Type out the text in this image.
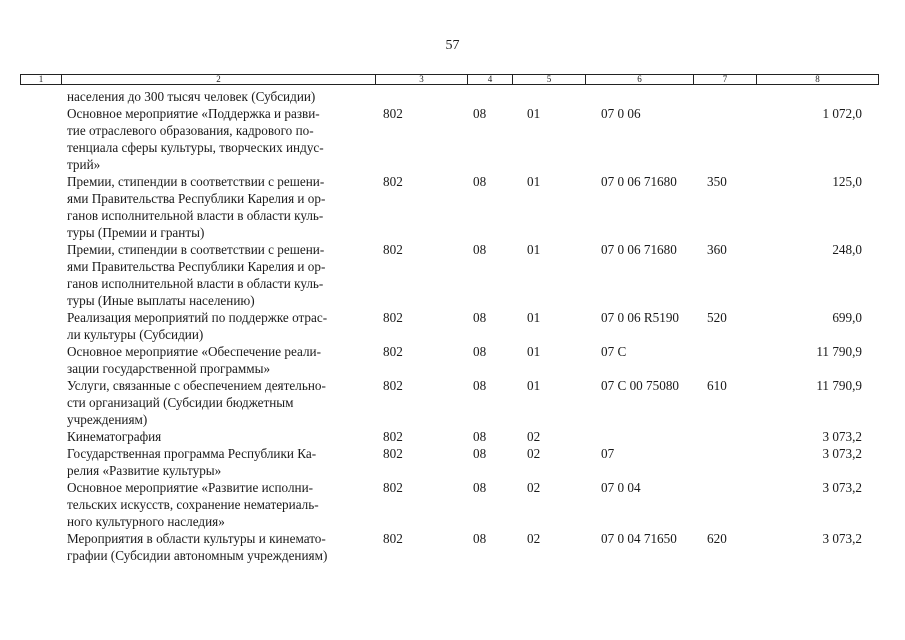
57
1	2	3	4	5	6	7	8
населения до 300 тысяч человек (Субсидии)
Основное мероприятие «Поддержка и разви-
тие отраслевого образования, кадрового по-
тенциала сферы культуры, творческих индус-
трий»
802	08	01	07 0 06	1 072,0
Премии, стипендии в соответствии с решени-
ями Правительства Республики Карелия и ор-
ганов исполнительной власти в области куль-
туры (Премии и гранты)
802	08	01	07 0 06 71680 350	125,0
Премии, стипендии в соответствии с решени-
ями Правительства Республики Карелия и ор-
ганов исполнительной власти в области куль-
туры (Иные выплаты населению)
802	08	01	07 0 06 71680 360	248,0
Реализация мероприятий по поддержке отрас-
ли культуры (Субсидии)
802	08	01	07 0 06 R5190 520	699,0
Основное мероприятие «Обеспечение реали-
зации государственной программы»
802	08	01	07 С	11 790,9
Услуги, связанные с обеспечением деятельно-
сти организаций (Субсидии бюджетным
учреждениям)
802	08	01	07 С 00 75080 610	11 790,9
Кинематография	802	08	02	3 073,2
Государственная программа Республики Ка-
релия «Развитие культуры»
802	08	02	07	3 073,2
Основное мероприятие «Развитие исполни-
тельских искусств, сохранение нематериаль-
ного культурного наследия»
802	08	02	07 0 04	3 073,2
Мероприятия в области культуры и кинемато-
графии (Субсидии автономным учреждениям)
802	08	02	07 0 04 71650 620	3 073,2
